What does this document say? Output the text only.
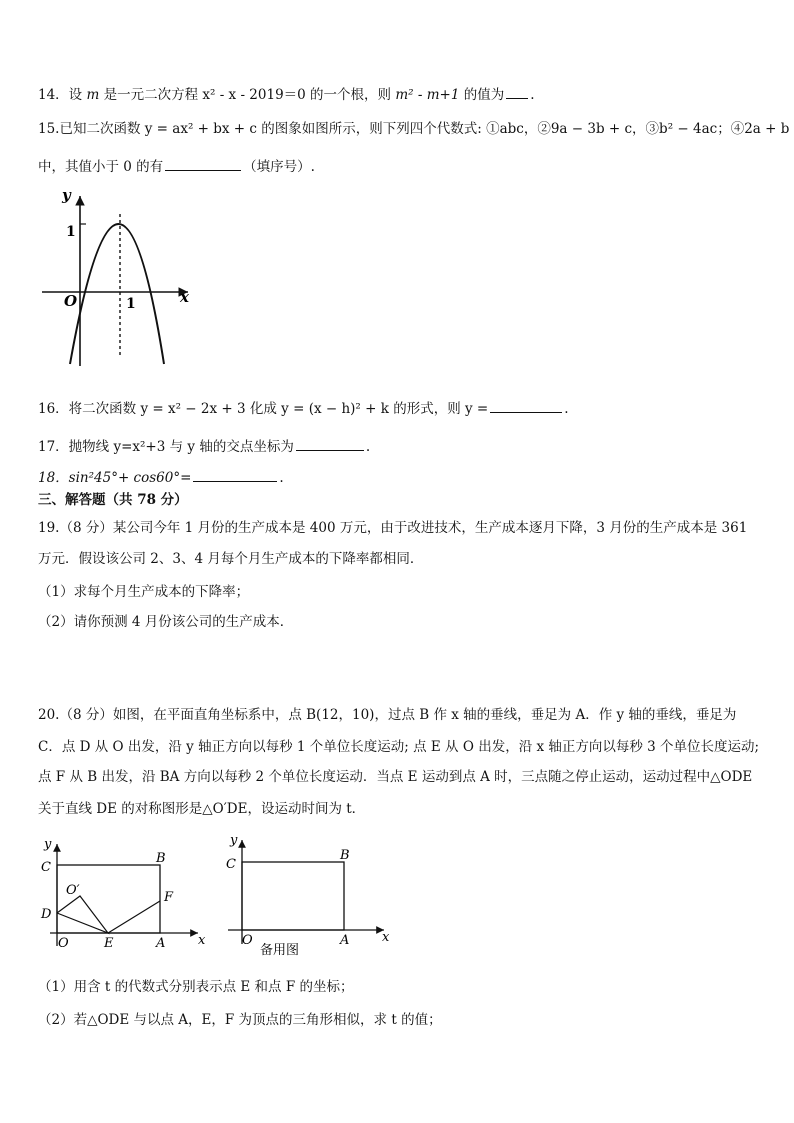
14．设 m 是一元二次方程 x² - x - 2019＝0 的一个根，则 m² - m+1 的值为 .
15.已知二次函数 y = ax² + bx + c 的图象如图所示，则下列四个代数式: ①abc，②9a − 3b + c，③b² − 4ac；④2a + b
中，其值小于 0 的有	（填序号）.
y
x
O	1
1
16．将二次函数 y = x² − 2x + 3 化成 y = (x − h)² + k 的形式，则 y =	.
17．抛物线 y=x²+3 与 y 轴的交点坐标为	.
18．sin²45°+ cos60°=	.
三、解答题（共 78 分）
19.（8 分）某公司今年 1 月份的生产成本是 400 万元，由于改进技术，生产成本逐月下降，3 月份的生产成本是 361
万元．假设该公司 2、3、4 月每个月生产成本的下降率都相同．
（1）求每个月生产成本的下降率；
（2）请你预测 4 月份该公司的生产成本．
20.（8 分）如图，在平面直角坐标系中，点 B(12，10)，过点 B 作 x 轴的垂线，垂足为 A．作 y 轴的垂线，垂足为
C．点 D 从 O 出发，沿 y 轴正方向以每秒 1 个单位长度运动; 点 E 从 O 出发，沿 x 轴正方向以每秒 3 个单位长度运动;
点 F 从 B 出发，沿 BA 方向以每秒 2 个单位长度运动．当点 E 运动到点 A 时，三点随之停止运动，运动过程中△ODE
关于直线 DE 的对称图形是△O′DE，设运动时间为 t．
y
x
C
B
O′	F
D
O	E	A
y
x
C
B
O	A
备用图
（1）用含 t 的代数式分别表示点 E 和点 F 的坐标；
（2）若△ODE 与以点 A，E，F 为顶点的三角形相似，求 t 的值；
